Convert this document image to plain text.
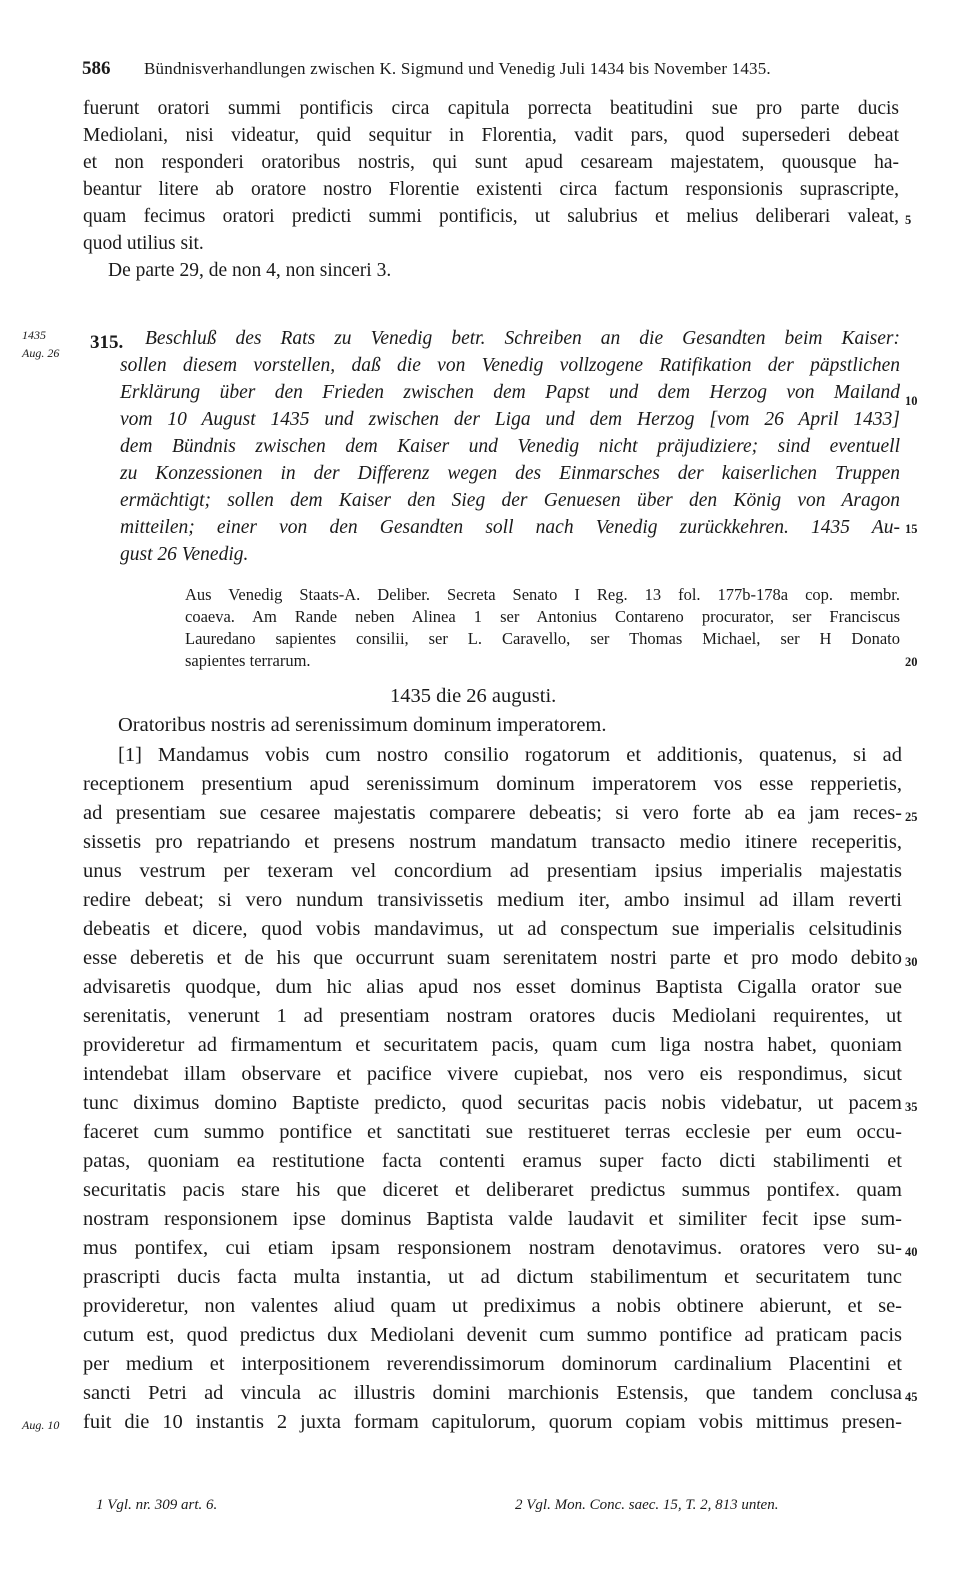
586 Bündnisverhandlungen zwischen K. Sigmund und Venedig Juli 1434 bis November 1435.
fuerunt oratori summi pontificis circa capitula porrecta beatitudini sue pro parte ducis
Mediolani, nisi videatur, quid sequitur in Florentia, vadit pars, quod supersederi debeat
et non responderi oratoribus nostris, qui sunt apud cesaream majestatem, quousque ha-
beantur litere ab oratore nostro Florentie existenti circa factum responsionis suprascripte,
quam fecimus oratori predicti summi pontificis, ut salubrius et melius deliberari valeat,
quod utilius sit.
De parte 29, de non 4, non sinceri 3.
5
1435
Aug. 26 315. Beschluß des Rats zu Venedig betr. Schreiben an die Gesandten beim Kaiser:
sollen diesem vorstellen, daß die von Venedig vollzogene Ratifikation der päpstlichen
Erklärung über den Frieden zwischen dem Papst und dem Herzog von Mailand
vom 10 August 1435 und zwischen der Liga und dem Herzog [vom 26 April 1433]
dem Bündnis zwischen dem Kaiser und Venedig nicht präjudiziere; sind eventuell
zu Konzessionen in der Differenz wegen des Einmarsches der kaiserlichen Truppen
ermächtigt; sollen dem Kaiser den Sieg der Genuesen über den König von Aragon
mitteilen; einer von den Gesandten soll nach Venedig zurückkehren. 1435 Au-
gust 26 Venedig.
10
15
Aus Venedig Staats-A. Deliber. Secreta Senato I Reg. 13 fol. 177b-178a cop. membr.
coaeva. Am Rande neben Alinea 1 ser Antonius Contareno procurator, ser Franciscus
Lauredano sapientes consilii, ser L. Caravello, ser Thomas Michael, ser H Donato
sapientes terrarum.	20
1435 die 26 augusti.
Oratoribus nostris ad serenissimum dominum imperatorem.
[1] Mandamus vobis cum nostro consilio rogatorum et additionis, quatenus, si ad
receptionem presentium apud serenissimum dominum imperatorem vos esse repperietis,
ad presentiam sue cesaree majestatis comparere debeatis; si vero forte ab ea jam reces-
sissetis pro repatriando et presens nostrum mandatum transacto medio itinere receperitis,
unus vestrum per texeram vel concordium ad presentiam ipsius imperialis majestatis
redire debeat; si vero nundum transivissetis medium iter, ambo insimul ad illam reverti
debeatis et dicere, quod vobis mandavimus, ut ad conspectum sue imperialis celsitudinis
esse deberetis et de his que occurrunt suam serenitatem nostri parte et pro modo debito
advisaretis quodque, dum hic alias apud nos esset dominus Baptista Cigalla orator sue
serenitatis, venerunt 1 ad presentiam nostram oratores ducis Mediolani requirentes, ut
provideretur ad firmamentum et securitatem pacis, quam cum liga nostra habet, quoniam
intendebat illam observare et pacifice vivere cupiebat, nos vero eis respondimus, sicut
tunc diximus domino Baptiste predicto, quod securitas pacis nobis videbatur, ut pacem
faceret cum summo pontifice et sanctitati sue restitueret terras ecclesie per eum occu-
patas, quoniam ea restitutione facta contenti eramus super facto dicti stabilimenti et
securitatis pacis stare his que diceret et deliberaret predictus summus pontifex. quam
nostram responsionem ipse dominus Baptista valde laudavit et similiter fecit ipse sum-
mus pontifex, cui etiam ipsam responsionem nostram denotavimus. oratores vero su-
prascripti ducis facta multa instantia, ut ad dictum stabilimentum et securitatem tunc
provideretur, non valentes aliud quam ut prediximus a nobis obtinere abierunt, et se-
cutum est, quod predictus dux Mediolani devenit cum summo pontifice ad praticam pacis
per medium et interpositionem reverendissimorum dominorum cardinalium Placentini et
sancti Petri ad vincula ac illustris domini marchionis Estensis, que tandem conclusa
fuit die 10 instantis 2 juxta formam capitulorum, quorum copiam vobis mittimus presen-
Aug. 10
25
30
35
40
45
1 Vgl. nr. 309 art. 6.	2 Vgl. Mon. Conc. saec. 15, T. 2, 813 unten.
